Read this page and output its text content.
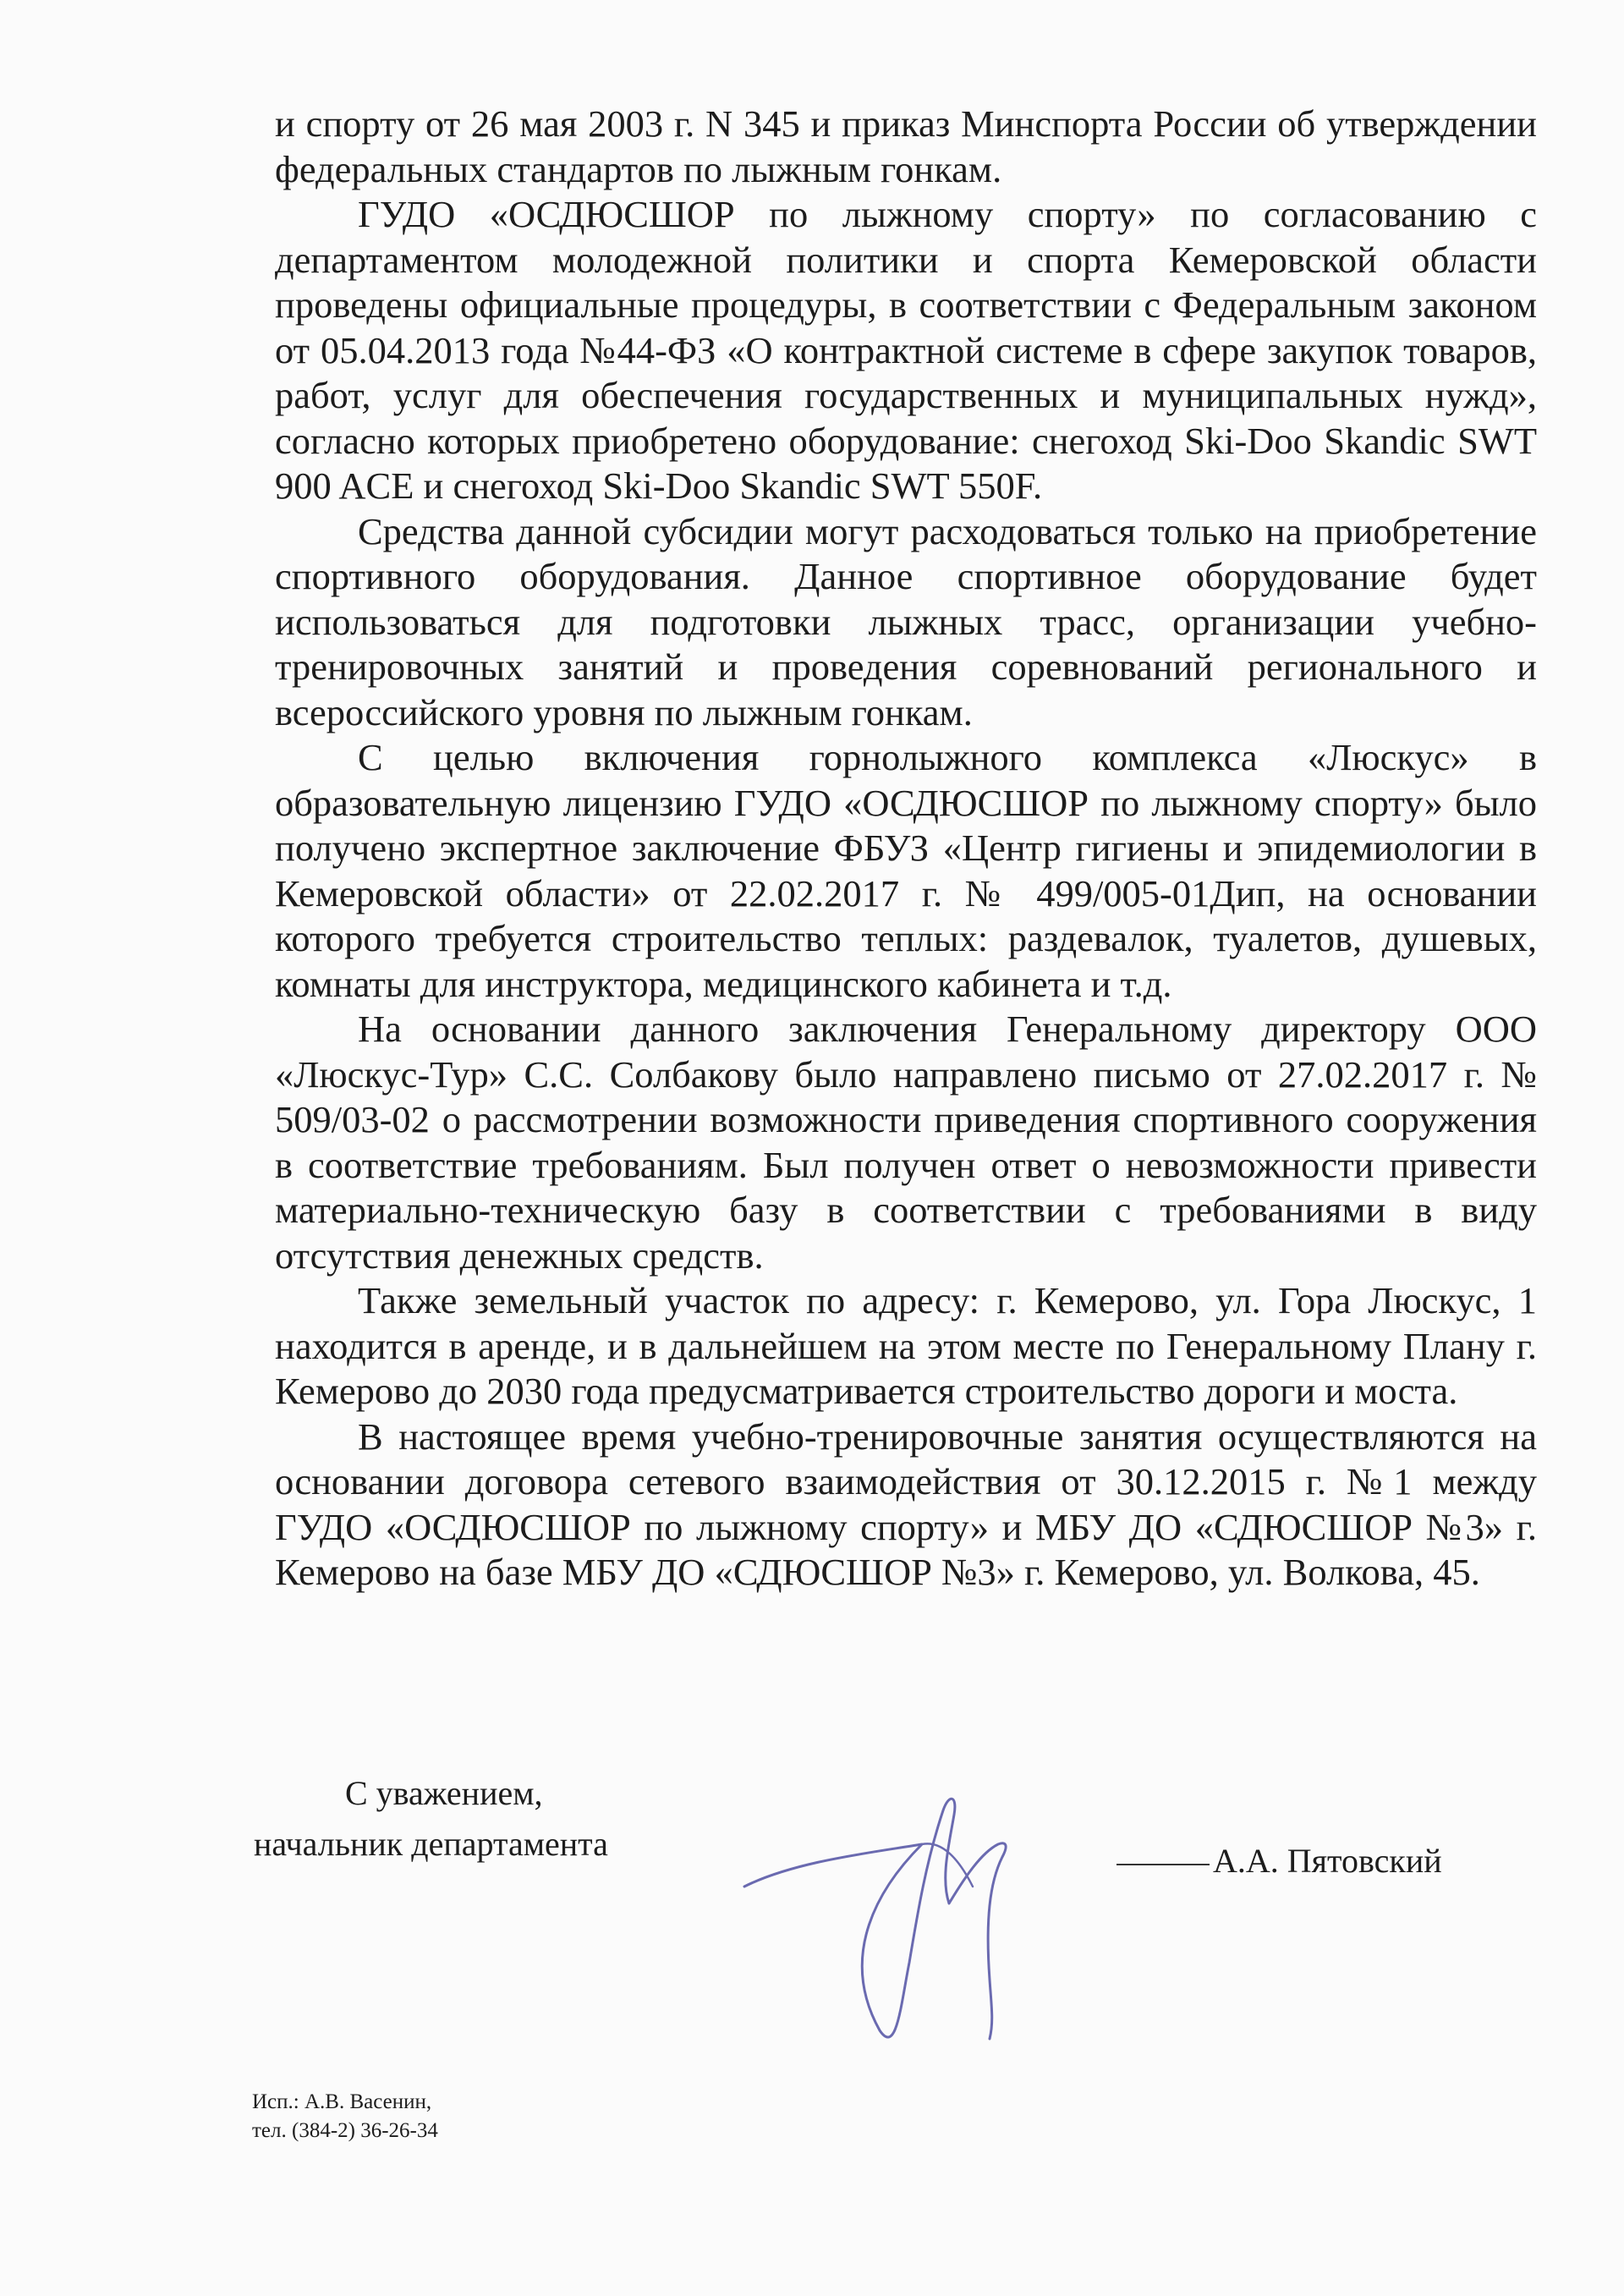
и спорту от 26 мая 2003 г. N 345 и приказ Минспорта России об утверждении федеральных стандартов по лыжным гонкам.

ГУДО «ОСДЮСШОР по лыжному спорту» по согласованию с департаментом молодежной политики и спорта Кемеровской области проведены официальные процедуры, в соответствии с Федеральным законом от 05.04.2013 года №44-ФЗ «О контрактной системе в сфере закупок товаров, работ, услуг для обеспечения государственных и муниципальных нужд», согласно которых приобретено оборудование: снегоход Ski-Doo Skandic SWT 900 ACE и снегоход Ski-Doo Skandic SWT 550F.

Средства данной субсидии могут расходоваться только на приобретение спортивного оборудования. Данное спортивное оборудование будет использоваться для подготовки лыжных трасс, организации учебно-тренировочных занятий и проведения соревнований регионального и всероссийского уровня по лыжным гонкам.

С целью включения горнолыжного комплекса «Люскус» в образовательную лицензию ГУДО «ОСДЮСШОР по лыжному спорту» было получено экспертное заключение ФБУЗ «Центр гигиены и эпидемиологии в Кемеровской области» от 22.02.2017 г. № 499/005-01Дип, на основании которого требуется строительство теплых: раздевалок, туалетов, душевых, комнаты для инструктора, медицинского кабинета и т.д.

На основании данного заключения Генеральному директору ООО «Люскус-Тур» С.С. Солбакову было направлено письмо от 27.02.2017 г. № 509/03-02 о рассмотрении возможности приведения спортивного сооружения в соответствие требованиям. Был получен ответ о невозможности привести материально-техническую базу в соответствии с требованиями в виду отсутствия денежных средств.

Также земельный участок по адресу: г. Кемерово, ул. Гора Люскус, 1 находится в аренде, и в дальнейшем на этом месте по Генеральному Плану г. Кемерово до 2030 года предусматривается строительство дороги и моста.

В настоящее время учебно-тренировочные занятия осуществляются на основании договора сетевого взаимодействия от 30.12.2015 г. №1 между ГУДО «ОСДЮСШОР по лыжному спорту» и МБУ ДО «СДЮСШОР №3» г. Кемерово на базе МБУ ДО «СДЮСШОР №3» г. Кемерово, ул. Волкова, 45.

С уважением,
начальник департамента	А.А. Пятовский
Исп.: А.В. Васенин,
тел. (384-2) 36-26-34
